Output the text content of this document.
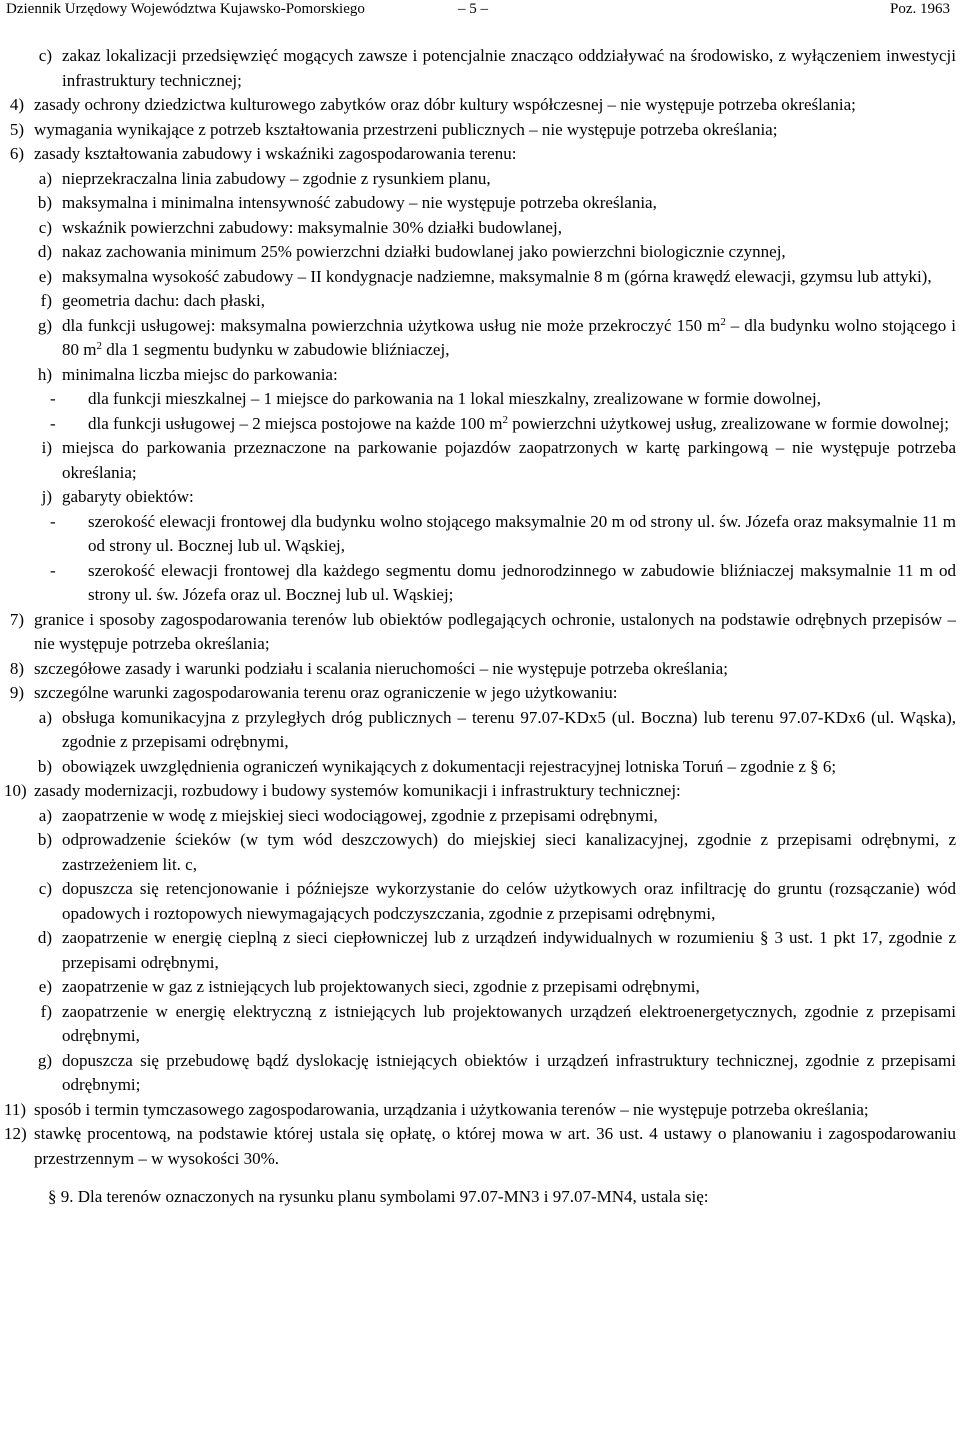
Dziennik Urzędowy Województwa Kujawsko-Pomorskiego	– 5 –	Poz. 1963
c) zakaz lokalizacji przedsięwzięć mogących zawsze i potencjalnie znacząco oddziaływać na środowisko, z wyłączeniem inwestycji infrastruktury technicznej;
4) zasady ochrony dziedzictwa kulturowego zabytków oraz dóbr kultury współczesnej – nie występuje potrzeba określania;
5) wymagania wynikające z potrzeb kształtowania przestrzeni publicznych – nie występuje potrzeba określania;
6) zasady kształtowania zabudowy i wskaźniki zagospodarowania terenu:
a) nieprzekraczalna linia zabudowy – zgodnie z rysunkiem planu,
b) maksymalna i minimalna intensywność zabudowy – nie występuje potrzeba określania,
c) wskaźnik powierzchni zabudowy: maksymalnie 30% działki budowlanej,
d) nakaz zachowania minimum 25% powierzchni działki budowlanej jako powierzchni biologicznie czynnej,
e) maksymalna wysokość zabudowy – II kondygnacje nadziemne, maksymalnie 8 m (górna krawędź elewacji, gzymsu lub attyki),
f) geometria dachu: dach płaski,
g) dla funkcji usługowej: maksymalna powierzchnia użytkowa usług nie może przekroczyć 150 $m^2$ – dla budynku wolno stojącego i 80 $m^2$ dla 1 segmentu budynku w zabudowie bliźniaczej,
h) minimalna liczba miejsc do parkowania:
-	dla funkcji mieszkalnej – 1 miejsce do parkowania na 1 lokal mieszkalny, zrealizowane w formie dowolnej,
-	dla funkcji usługowej – 2 miejsca postojowe na każde 100 $m^2$ powierzchni użytkowej usług, zrealizowane w formie dowolnej;
i) miejsca do parkowania przeznaczone na parkowanie pojazdów zaopatrzonych w kartę parkingową – nie występuje potrzeba określania;
j) gabaryty obiektów:
-	szerokość elewacji frontowej dla budynku wolno stojącego maksymalnie 20 m od strony ul. św. Józefa oraz maksymalnie 11 m od strony ul. Bocznej lub ul. Wąskiej,
-	szerokość elewacji frontowej dla każdego segmentu domu jednorodzinnego w zabudowie bliźniaczej maksymalnie 11 m od strony ul. św. Józefa oraz ul. Bocznej lub ul. Wąskiej;
7) granice i sposoby zagospodarowania terenów lub obiektów podlegających ochronie, ustalonych na podstawie odrębnych przepisów – nie występuje potrzeba określania;
8) szczegółowe zasady i warunki podziału i scalania nieruchomości – nie występuje potrzeba określania;
9) szczególne warunki zagospodarowania terenu oraz ograniczenie w jego użytkowaniu:
a) obsługa komunikacyjna z przyległych dróg publicznych – terenu 97.07-KDx5 (ul. Boczna) lub terenu 97.07-KDx6 (ul. Wąska), zgodnie z przepisami odrębnymi,
b) obowiązek uwzględnienia ograniczeń wynikających z dokumentacji rejestracyjnej lotniska Toruń – zgodnie z § 6;
10) zasady modernizacji, rozbudowy i budowy systemów komunikacji i infrastruktury technicznej:
a) zaopatrzenie w wodę z miejskiej sieci wodociągowej, zgodnie z przepisami odrębnymi,
b) odprowadzenie ścieków (w tym wód deszczowych) do miejskiej sieci kanalizacyjnej, zgodnie z przepisami odrębnymi, z zastrzeżeniem lit. c,
c) dopuszcza się retencjonowanie i późniejsze wykorzystanie do celów użytkowych oraz infiltrację do gruntu (rozsączanie) wód opadowych i roztopowych niewymagających podczyszczania, zgodnie z przepisami odrębnymi,
d) zaopatrzenie w energię cieplną z sieci ciepłowniczej lub z urządzeń indywidualnych w rozumieniu § 3 ust. 1 pkt 17, zgodnie z przepisami odrębnymi,
e) zaopatrzenie w gaz z istniejących lub projektowanych sieci, zgodnie z przepisami odrębnymi,
f) zaopatrzenie w energię elektryczną z istniejących lub projektowanych urządzeń elektroenergetycznych, zgodnie z przepisami odrębnymi,
g) dopuszcza się przebudowę bądź dyslokację istniejących obiektów i urządzeń infrastruktury technicznej, zgodnie z przepisami odrębnymi;
11) sposób i termin tymczasowego zagospodarowania, urządzania i użytkowania terenów – nie występuje potrzeba określania;
12) stawkę procentową, na podstawie której ustala się opłatę, o której mowa w art. 36 ust. 4 ustawy o planowaniu i zagospodarowaniu przestrzennym – w wysokości 30%.
§ 9. Dla terenów oznaczonych na rysunku planu symbolami 97.07-MN3 i 97.07-MN4, ustala się:
